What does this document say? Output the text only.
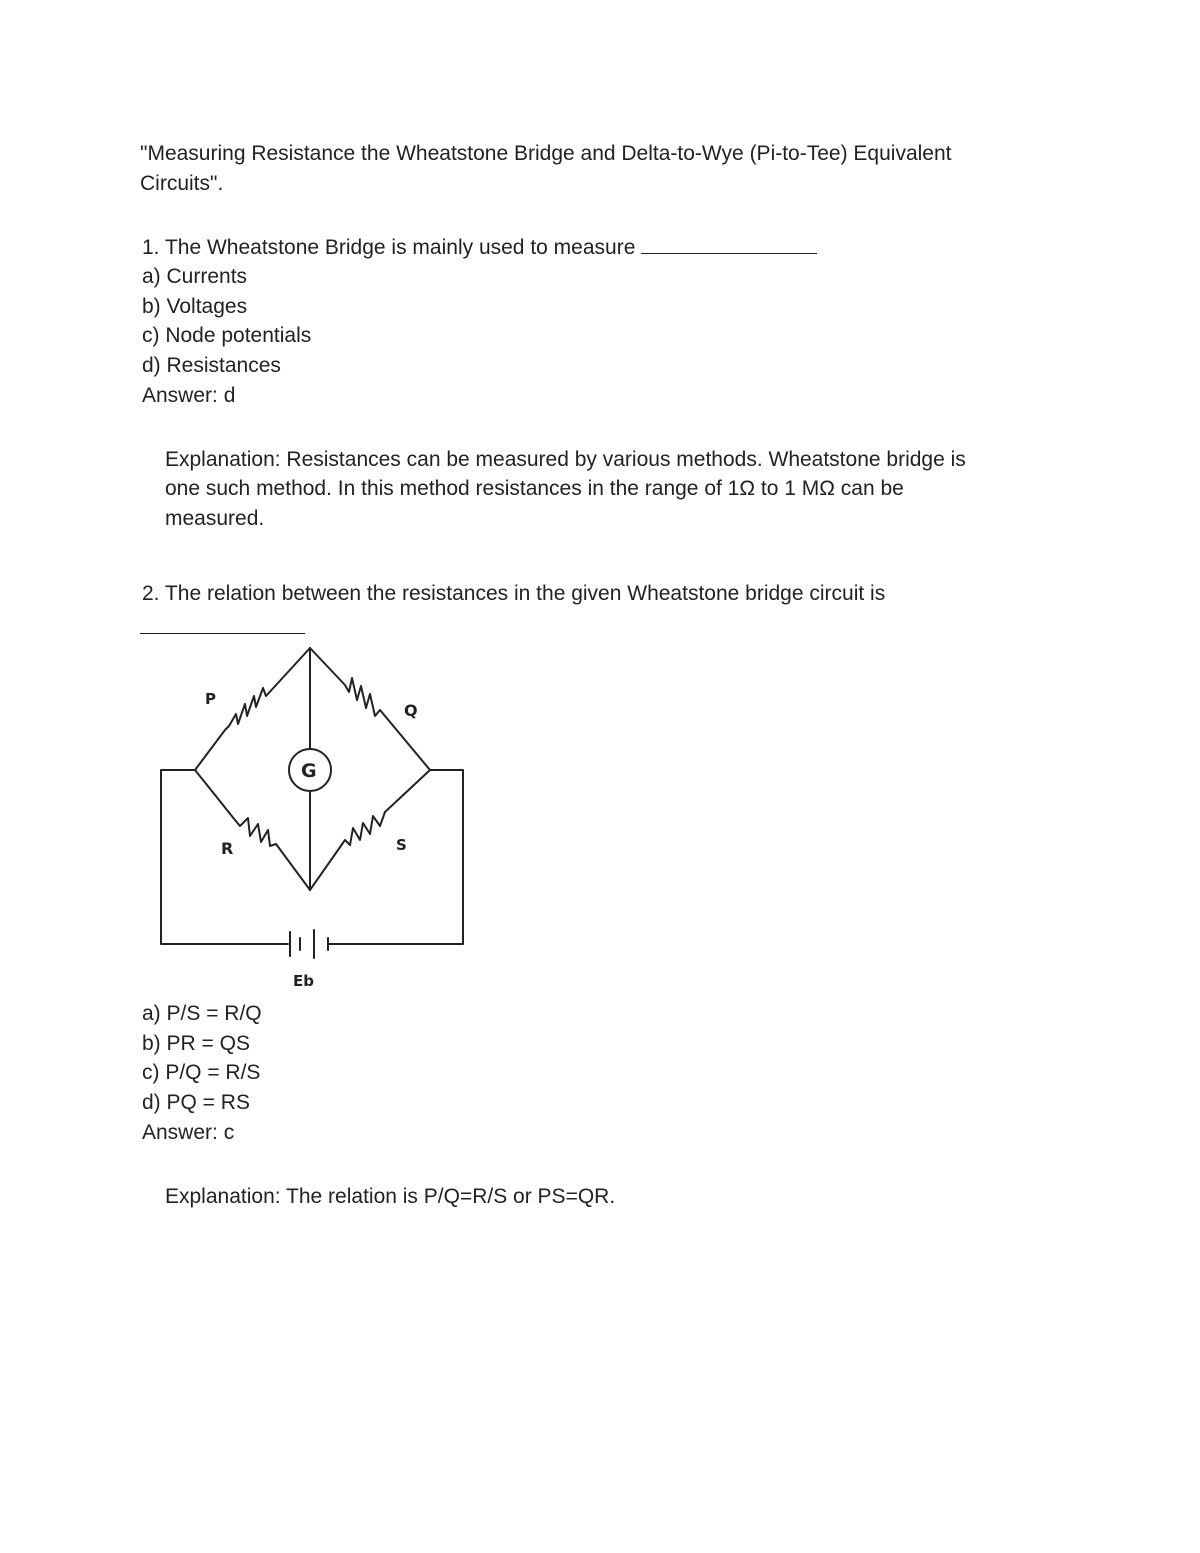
"Measuring Resistance the Wheatstone Bridge and Delta-to-Wye (Pi-to-Tee) Equivalent

Circuits".

1. The Wheatstone Bridge is mainly used to measure

a) Currents

b) Voltages

c) Node potentials

d) Resistances

Answer: d

Explanation: Resistances can be measured by various methods. Wheatstone bridge is

one such method. In this method resistances in the range of 1Ω to 1 MΩ can be

measured.

2. The relation between the resistances in the given Wheatstone bridge circuit is

P
Q
R	S
G
Eb

a) P/S = R/Q

b) PR = QS

c) P/Q = R/S

d) PQ = RS

Answer: c

Explanation: The relation is P/Q=R/S or PS=QR.
